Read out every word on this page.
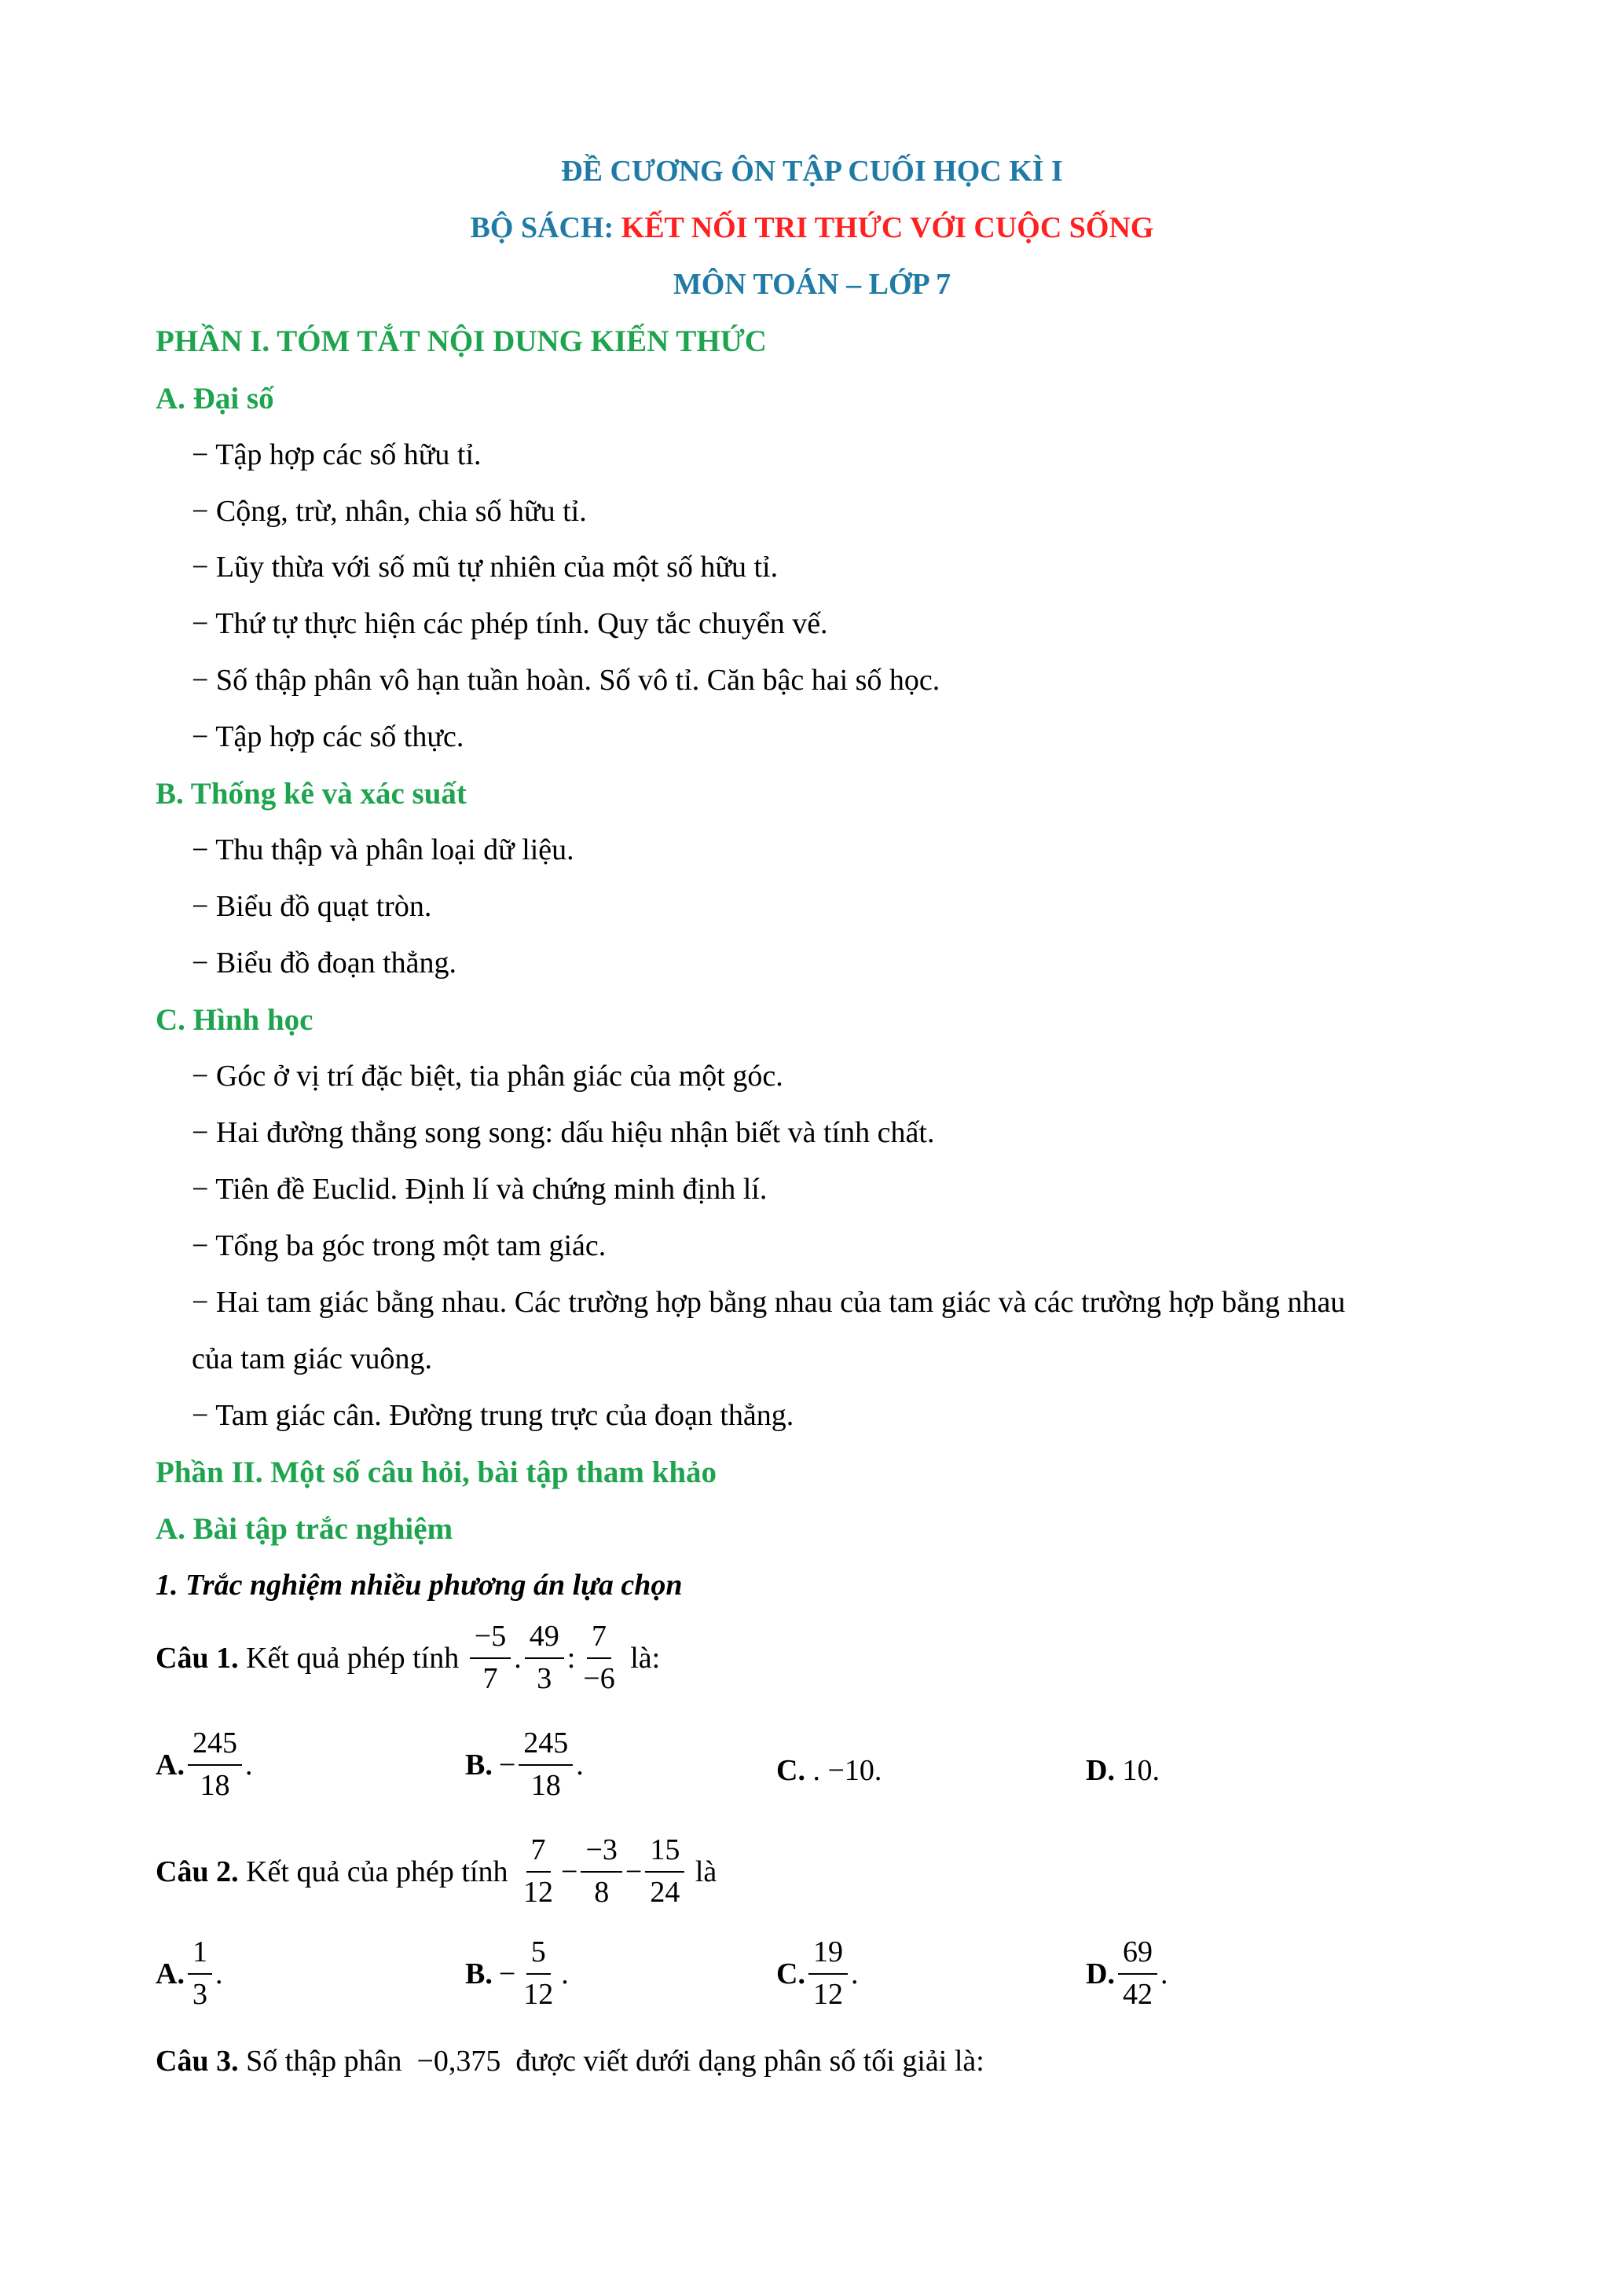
ĐỀ CƯƠNG ÔN TẬP CUỐI HỌC KÌ I
BỘ SÁCH: KẾT NỐI TRI THỨC VỚI CUỘC SỐNG
MÔN TOÁN – LỚP 7
PHẦN I. TÓM TẮT NỘI DUNG KIẾN THỨC
A. Đại số
− Tập hợp các số hữu tỉ.
− Cộng, trừ, nhân, chia số hữu tỉ.
− Lũy thừa với số mũ tự nhiên của một số hữu tỉ.
− Thứ tự thực hiện các phép tính. Quy tắc chuyển vế.
− Số thập phân vô hạn tuần hoàn. Số vô tỉ. Căn bậc hai số học.
− Tập hợp các số thực.
B. Thống kê và xác suất
− Thu thập và phân loại dữ liệu.
− Biểu đồ quạt tròn.
− Biểu đồ đoạn thẳng.
C. Hình học
− Góc ở vị trí đặc biệt, tia phân giác của một góc.
− Hai đường thẳng song song: dấu hiệu nhận biết và tính chất.
− Tiên đề Euclid. Định lí và chứng minh định lí.
− Tổng ba góc trong một tam giác.
− Hai tam giác bằng nhau. Các trường hợp bằng nhau của tam giác và các trường hợp bằng nhau
của tam giác vuông.
− Tam giác cân. Đường trung trực của đoạn thẳng.
Phần II. Một số câu hỏi, bài tập tham khảo
A. Bài tập trắc nghiệm
1. Trắc nghiệm nhiều phương án lựa chọn
Câu 1. Kết quả phép tính $\frac{-5}{7}$ . $\frac{49}{3}$ : $\frac{7}{-6}$ là:
A. $\frac{245}{18}$ .	B. − $\frac{245}{18}$ .	C. . −10.	D. 10.
Câu 2. Kết quả của phép tính $\frac{7}{12} - \frac{-3}{8} - \frac{15}{24}$ là
A. $\frac{1}{3}$ .	B. − $\frac{5}{12}$ .	C. $\frac{19}{12}$ .	D. $\frac{69}{42}$ .
Câu 3. Số thập phân  −0,375  được viết dưới dạng phân số tối giải là:
